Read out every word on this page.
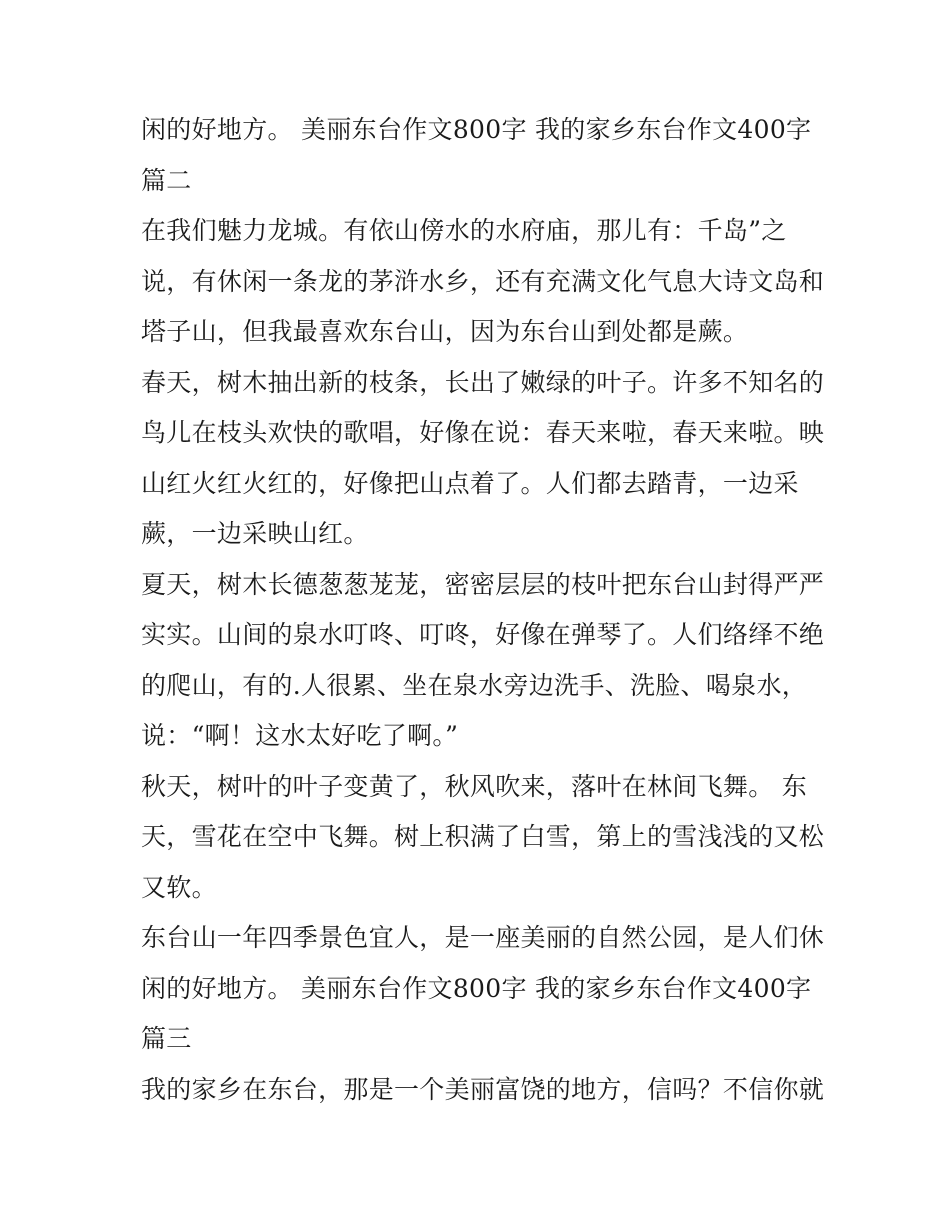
闲的好地方。 美丽东台作文800字 我的家乡东台作文400字
篇二
在我们魅力龙城。有依山傍水的水府庙，那儿有：千岛”之
说，有休闲一条龙的茅浒水乡，还有充满文化气息大诗文岛和
塔子山，但我最喜欢东台山，因为东台山到处都是蕨。
春天，树木抽出新的枝条，长出了嫩绿的叶子。许多不知名的
鸟儿在枝头欢快的歌唱，好像在说：春天来啦，春天来啦。映
山红火红火红的，好像把山点着了。人们都去踏青，一边采
蕨，一边采映山红。
夏天，树木长德葱葱茏茏，密密层层的枝叶把东台山封得严严
实实。山间的泉水叮咚、叮咚，好像在弹琴了。人们络绎不绝
的爬山，有的.人很累、坐在泉水旁边洗手、洗脸、喝泉水，
说：“啊！这水太好吃了啊。”
秋天，树叶的叶子变黄了，秋风吹来，落叶在林间飞舞。 东
天，雪花在空中飞舞。树上积满了白雪，第上的雪浅浅的又松
又软。
东台山一年四季景色宜人，是一座美丽的自然公园，是人们休
闲的好地方。 美丽东台作文800字 我的家乡东台作文400字
篇三
我的家乡在东台，那是一个美丽富饶的地方，信吗？不信你就
